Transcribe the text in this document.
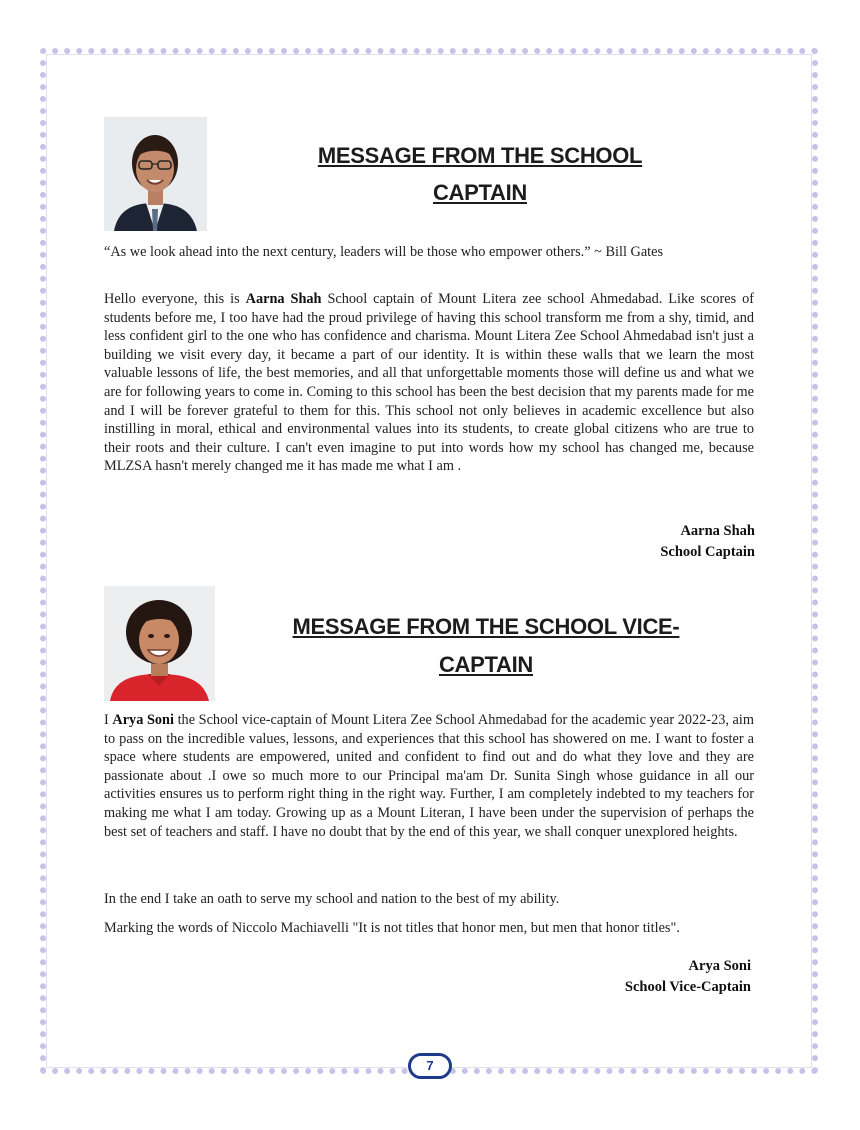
MESSAGE FROM THE SCHOOL
CAPTAIN

“As we look ahead into the next century, leaders will be those who empower others.” ~ Bill Gates

Hello everyone, this is Aarna Shah School captain of Mount Litera zee school Ahmedabad. Like scores of students before me, I too have had the proud privilege of having this school transform me from a shy, timid, and less confident girl to the one who has confidence and charisma. Mount Litera Zee School Ahmedabad isn't just a building we visit every day, it became a part of our identity. It is within these walls that we learn the most valuable lessons of life, the best memories, and all that unforgettable moments those will define us and what we are for following years to come in. Coming to this school has been the best decision that my parents made for me and I will be forever grateful to them for this. This school not only believes in academic excellence but also instilling in moral, ethical and environmental values into its students, to create global citizens who are true to their roots and their culture. I can't even imagine to put into words how my school has changed me, because MLZSA hasn't merely changed me it has made me what I am .

Aarna Shah
School Captain
MESSAGE FROM THE SCHOOL VICE-
CAPTAIN

I Arya Soni the School vice-captain of Mount Litera Zee School Ahmedabad for the academic year 2022-23, aim to pass on the incredible values, lessons, and experiences that this school has showered on me. I want to foster a space where students are empowered, united and confident to find out and do what they love and they are passionate about .I owe so much more to our Principal ma'am Dr. Sunita Singh whose guidance in all our activities ensures us to perform right thing in the right way. Further, I am completely indebted to my teachers for making me what I am today. Growing up as a Mount Literan, I have been under the supervision of perhaps the best set of teachers and staff. I have no doubt that by the end of this year, we shall conquer unexplored heights.

In the end I take an oath to serve my school and nation to the best of my ability.

Marking the words of Niccolo Machiavelli "It is not titles that honor men, but men that honor titles".

Arya Soni
School Vice-Captain
7
